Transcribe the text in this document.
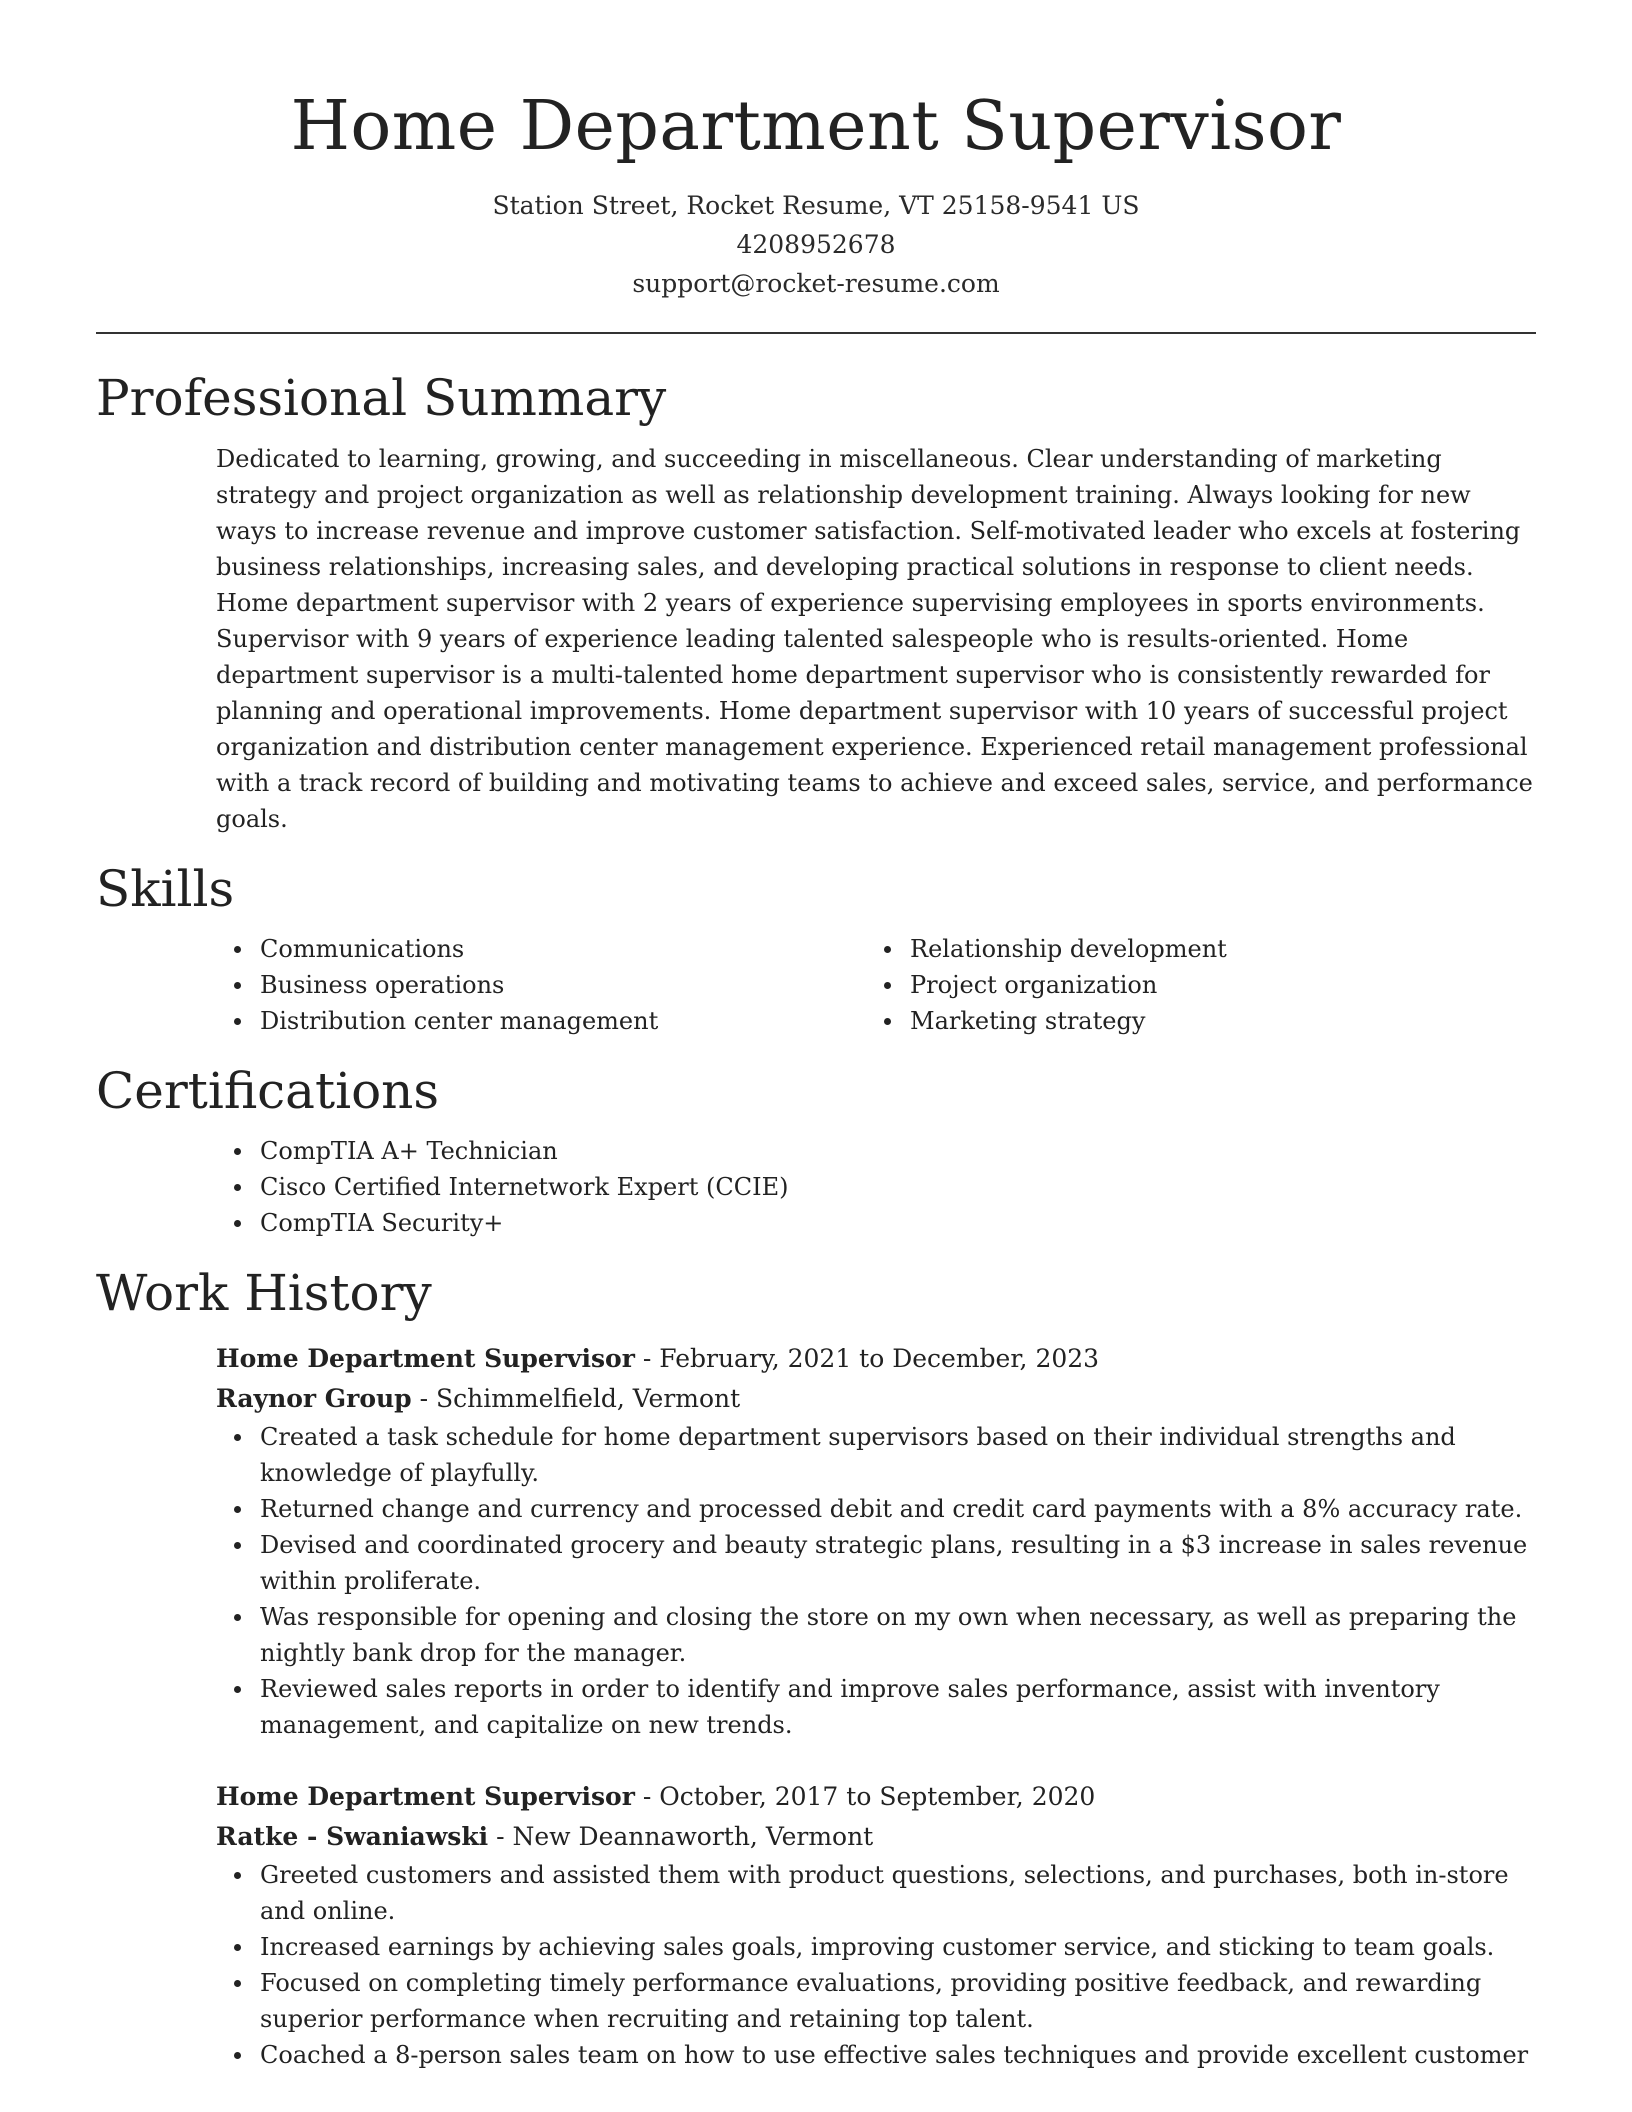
Home Department Supervisor
Station Street, Rocket Resume, VT 25158-9541 US
4208952678
support@rocket-resume.com
Professional Summary

Dedicated to learning, growing, and succeeding in miscellaneous. Clear understanding of marketing strategy and project organization as well as relationship development training. Always looking for new ways to increase revenue and improve customer satisfaction. Self-motivated leader who excels at fostering business relationships, increasing sales, and developing practical solutions in response to client needs. Home department supervisor with 2 years of experience supervising employees in sports environments. Supervisor with 9 years of experience leading talented salespeople who is results-oriented. Home department supervisor is a multi-talented home department supervisor who is consistently rewarded for planning and operational improvements. Home department supervisor with 10 years of successful project organization and distribution center management experience. Experienced retail management professional with a track record of building and motivating teams to achieve and exceed sales, service, and performance goals.

Skills
Communications
Business operations
Distribution center management
Relationship development
Project organization
Marketing strategy
Certifications
CompTIA A+ Technician
Cisco Certified Internetwork Expert (CCIE)
CompTIA Security+
Work History
Home Department Supervisor - February, 2021 to December, 2023
Raynor Group - Schimmelfield, Vermont
Created a task schedule for home department supervisors based on their individual strengths and knowledge of playfully.
Returned change and currency and processed debit and credit card payments with a 8% accuracy rate.
Devised and coordinated grocery and beauty strategic plans, resulting in a $3 increase in sales revenue within proliferate.
Was responsible for opening and closing the store on my own when necessary, as well as preparing the nightly bank drop for the manager.
Reviewed sales reports in order to identify and improve sales performance, assist with inventory management, and capitalize on new trends.
Home Department Supervisor - October, 2017 to September, 2020
Ratke - Swaniawski - New Deannaworth, Vermont
Greeted customers and assisted them with product questions, selections, and purchases, both in-store and online.
Increased earnings by achieving sales goals, improving customer service, and sticking to team goals.
Focused on completing timely performance evaluations, providing positive feedback, and rewarding superior performance when recruiting and retaining top talent.
Coached a 8-person sales team on how to use effective sales techniques and provide excellent customer
